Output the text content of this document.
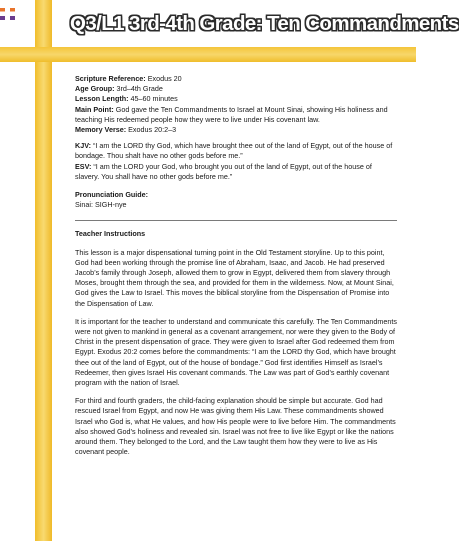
Q3/L1 3rd-4th Grade: Ten Commandments

Scripture Reference: Exodus 20

Age Group: 3rd–4th Grade

Lesson Length: 45–60 minutes

Main Point: God gave the Ten Commandments to Israel at Mount Sinai, showing His holiness and teaching His redeemed people how they were to live under His covenant law.

Memory Verse: Exodus 20:2–3

KJV: “I am the LORD thy God, which have brought thee out of the land of Egypt, out of the house of bondage. Thou shalt have no other gods before me.”

ESV: “I am the LORD your God, who brought you out of the land of Egypt, out of the house of slavery. You shall have no other gods before me.”

Pronunciation Guide:

Sinai: SIGH-nye

Teacher Instructions

This lesson is a major dispensational turning point in the Old Testament storyline. Up to this point, God had been working through the promise line of Abraham, Isaac, and Jacob. He had preserved Jacob’s family through Joseph, allowed them to grow in Egypt, delivered them from slavery through Moses, brought them through the sea, and provided for them in the wilderness. Now, at Mount Sinai, God gives the Law to Israel. This moves the biblical storyline from the Dispensation of Promise into the Dispensation of Law.

It is important for the teacher to understand and communicate this carefully. The Ten Commandments were not given to mankind in general as a covenant arrangement, nor were they given to the Body of Christ in the present dispensation of grace. They were given to Israel after God redeemed them from Egypt. Exodus 20:2 comes before the commandments: “I am the LORD thy God, which have brought thee out of the land of Egypt, out of the house of bondage.” God first identifies Himself as Israel’s Redeemer, then gives Israel His covenant commands. The Law was part of God’s earthly covenant program with the nation of Israel.

For third and fourth graders, the child-facing explanation should be simple but accurate. God had rescued Israel from Egypt, and now He was giving them His Law. These commandments showed Israel who God is, what He values, and how His people were to live before Him. The commandments also showed God’s holiness and revealed sin. Israel was not free to live like Egypt or like the nations around them. They belonged to the Lord, and the Law taught them how they were to live as His covenant people.
